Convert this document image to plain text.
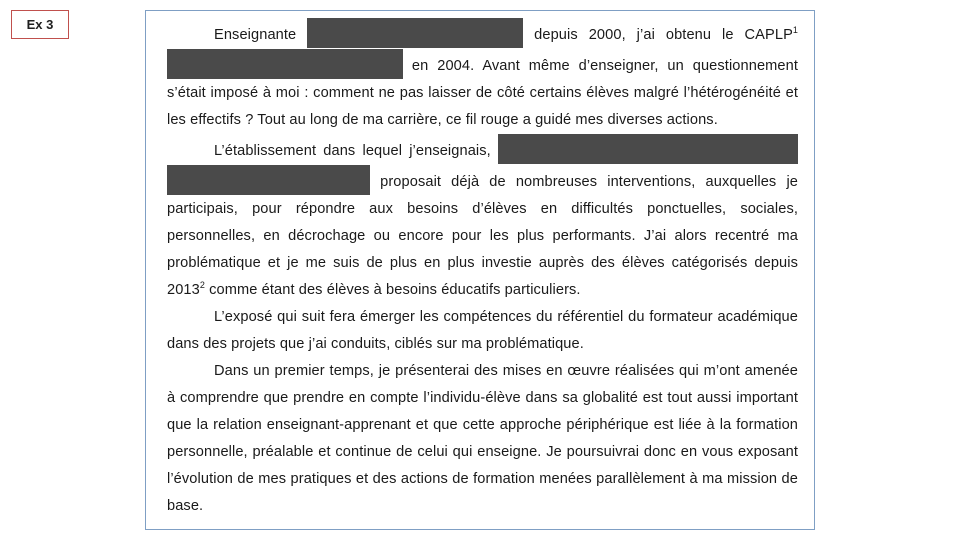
Ex 3

Enseignante	depuis 2000, j’ai obtenu le CAPLP$^1$  en 2004. Avant même d’enseigner, un questionnement s’était imposé à moi : comment ne pas laisser de côté certains élèves malgré l’hétérogénéité et les effectifs ? Tout au long de ma carrière, ce fil rouge a guidé mes diverses actions.

L’établissement dans lequel j’enseignais,   proposait déjà de nombreuses interventions, auxquelles je participais, pour répondre aux besoins d’élèves en difficultés ponctuelles, sociales, personnelles, en décrochage ou encore pour les plus performants. J’ai alors recentré ma problématique et je me suis de plus en plus investie auprès des élèves catégorisés depuis 2013$^2$ comme étant des élèves à besoins éducatifs particuliers.

L’exposé qui suit fera émerger les compétences du référentiel du formateur académique dans des projets que j’ai conduits, ciblés sur ma problématique.

Dans un premier temps, je présenterai des mises en œuvre réalisées qui m’ont amenée à comprendre que prendre en compte l’individu-élève dans sa globalité est tout aussi important que la relation enseignant-apprenant et que cette approche périphérique est liée à la formation personnelle, préalable et continue de celui qui enseigne. Je poursuivrai donc en vous exposant l’évolution de mes pratiques et des actions de formation menées parallèlement à ma mission de base.
